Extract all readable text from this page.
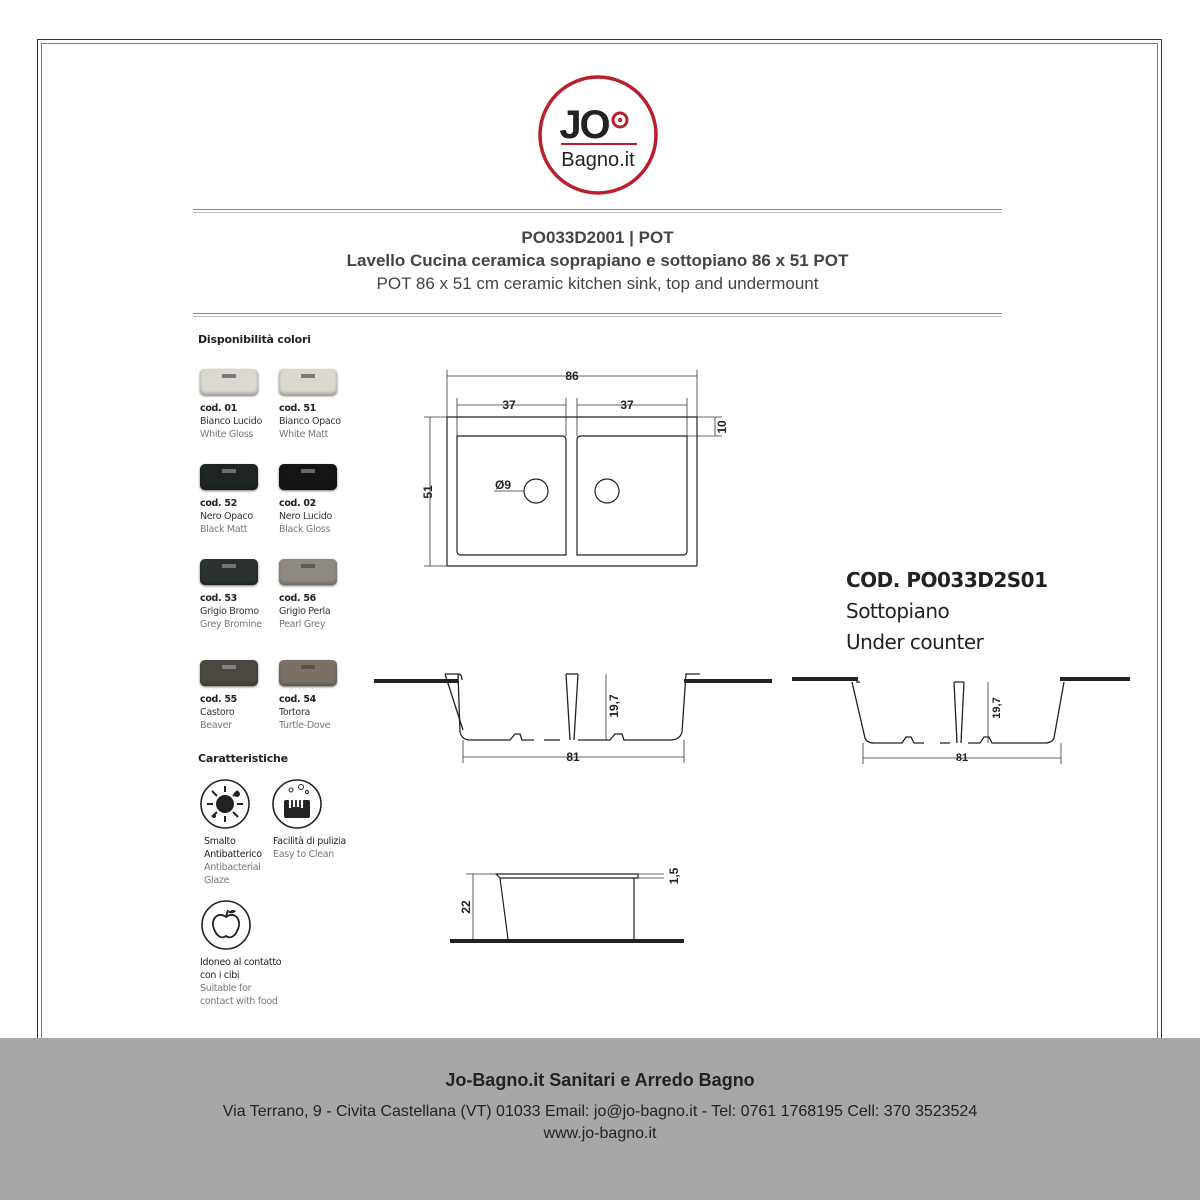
JO
Bagno.it
PO033D2001 | POT
Lavello Cucina ceramica soprapiano e sottopiano 86 x 51 POT
POT 86 x 51 cm ceramic kitchen sink, top and undermount
Disponibilità colori
cod. 01
Bianco Lucido
White Gloss
cod. 51
Bianco Opaco
White Matt
cod. 52
Nero Opaco
Black Matt
cod. 02
Nero Lucido
Black Gloss
cod. 53
Grigio Bromo
Grey Bromine
cod. 56
Grigio Perla
Pearl Grey
cod. 55
Castoro
Beaver
cod. 54
Tortora
Turtle-Dove
Caratteristiche
Smalto
Antibatterico
Antibacterial
Glaze
Facilità di pulizia
Easy to Clean
Idoneo al contatto
con i cibi
Suitable for
contact with food
86
37	37
10
51	Ø9
81
19,7
COD. PO033D2S01
Sottopiano
Under counter
81
19,7
22
1,5
Jo-Bagno.it Sanitari e Arredo Bagno
Via Terrano, 9 - Civita Castellana (VT) 01033 Email: jo@jo-bagno.it - Tel: 0761 1768195 Cell: 370 3523524
www.jo-bagno.it
